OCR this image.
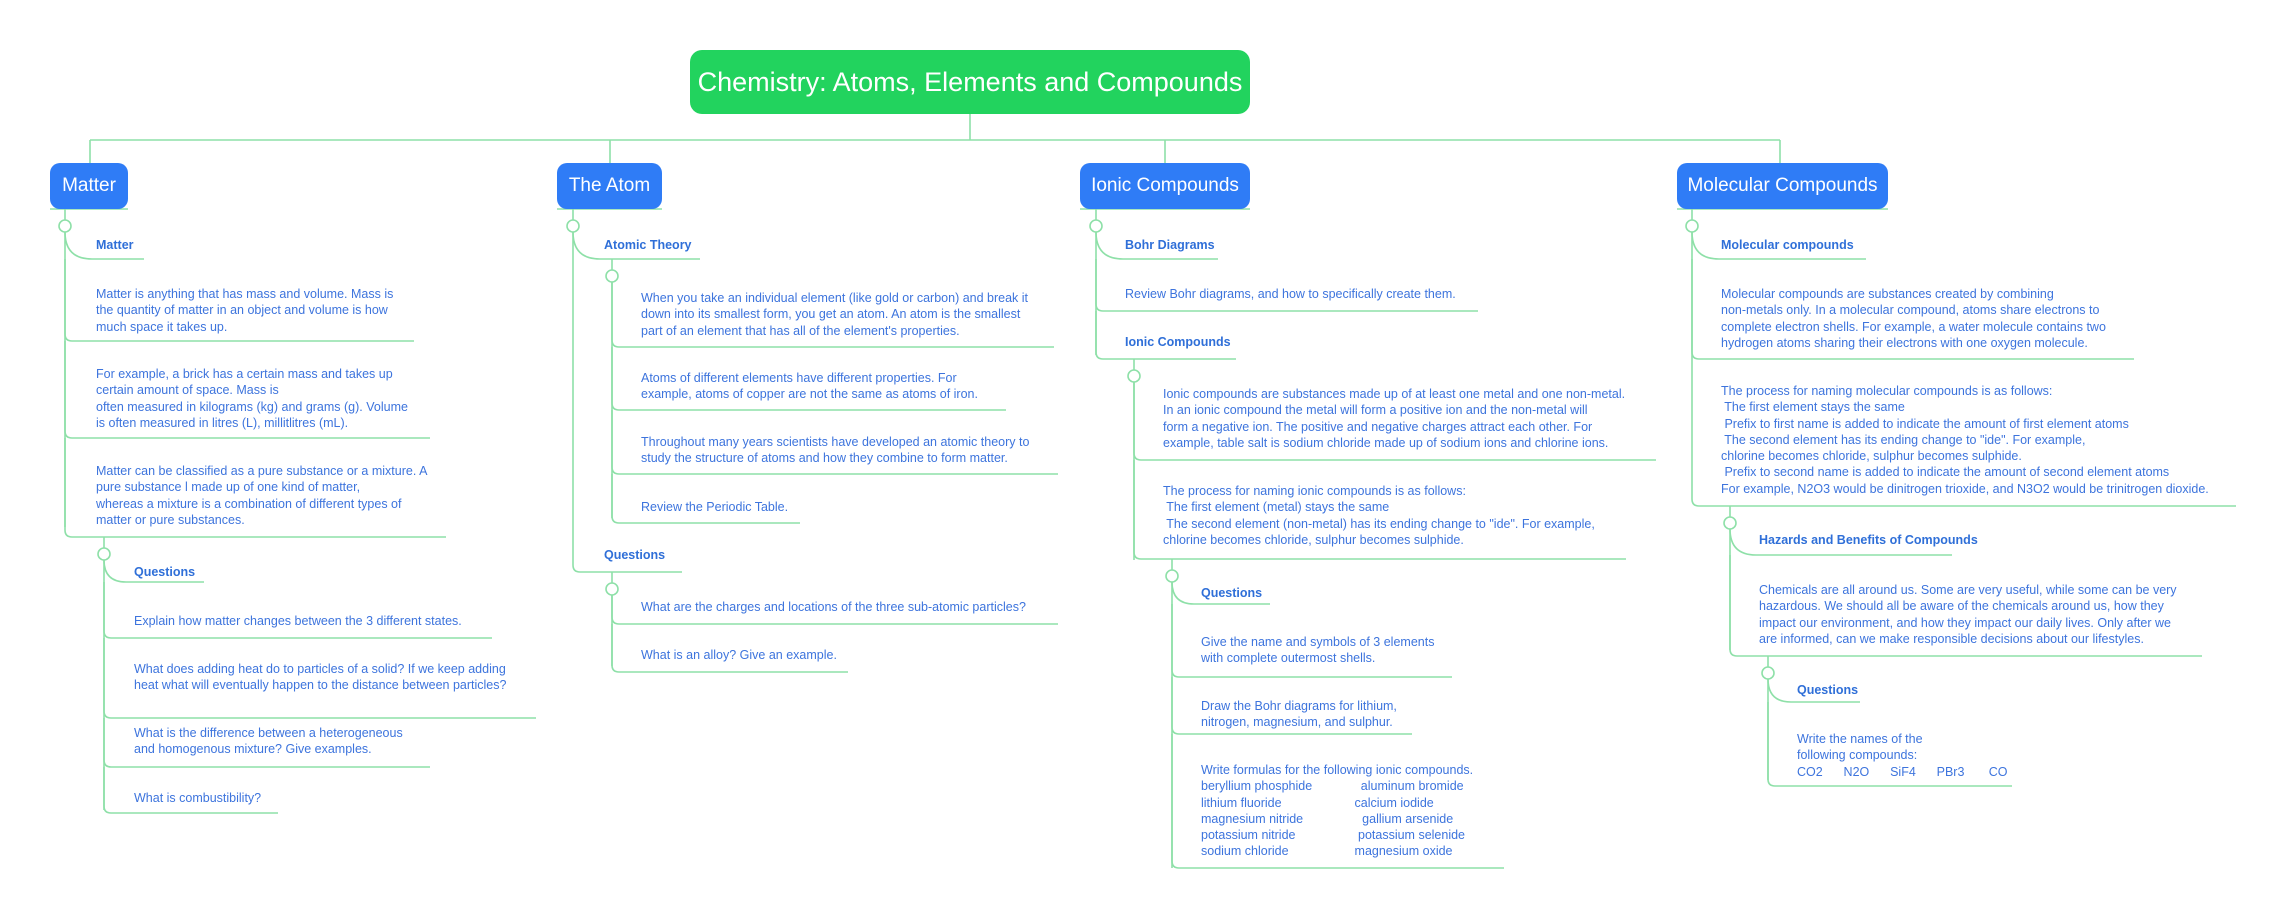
Chemistry: Atoms, Elements and Compounds
Matter	The Atom	Ionic Compounds	Molecular Compounds
Matter
Matter is anything that has mass and volume. Mass is
the quantity of matter in an object and volume is how
much space it takes up.
For example, a brick has a certain mass and takes up
certain amount of space. Mass is
often measured in kilograms (kg) and grams (g). Volume
is often measured in litres (L), millitlitres (mL).
Matter can be classified as a pure substance or a mixture. A
pure substance l made up of one kind of matter,
whereas a mixture is a combination of different types of
matter or pure substances.
Questions
Explain how matter changes between the 3 different states.
What does adding heat do to particles of a solid? If we keep adding
heat what will eventually happen to the distance between particles?
What is the difference between a heterogeneous
and homogenous mixture? Give examples.
What is combustibility?
Atomic Theory
When you take an individual element (like gold or carbon) and break it
down into its smallest form, you get an atom. An atom is the smallest
part of an element that has all of the element's properties.
Atoms of different elements have different properties. For
example, atoms of copper are not the same as atoms of iron.
Throughout many years scientists have developed an atomic theory to
study the structure of atoms and how they combine to form matter.
Review the Periodic Table.
Questions
What are the charges and locations of the three sub-atomic particles?
What is an alloy? Give an example.
Bohr Diagrams
Review Bohr diagrams, and how to specifically create them.
Ionic Compounds
Ionic compounds are substances made up of at least one metal and one non-metal.
In an ionic compound the metal will form a positive ion and the non-metal will
form a negative ion. The positive and negative charges attract each other. For
example, table salt is sodium chloride made up of sodium ions and chlorine ions.
The process for naming ionic compounds is as follows:
The first element (metal) stays the same
The second element (non-metal) has its ending change to "ide". For example,
chlorine becomes chloride, sulphur becomes sulphide.
Questions
Give the name and symbols of 3 elements
with complete outermost shells.
Draw the Bohr diagrams for lithium,
nitrogen, magnesium, and sulphur.
Write formulas for the following ionic compounds.
beryllium phosphide              aluminum bromide
lithium fluoride                     calcium iodide
magnesium nitride                 gallium arsenide
potassium nitride                  potassium selenide
sodium chloride                   magnesium oxide
Molecular compounds
Molecular compounds are substances created by combining
non-metals only. In a molecular compound, atoms share electrons to
complete electron shells. For example, a water molecule contains two
hydrogen atoms sharing their electrons with one oxygen molecule.
The process for naming molecular compounds is as follows:
The first element stays the same
Prefix to first name is added to indicate the amount of first element atoms
The second element has its ending change to "ide". For example,
chlorine becomes chloride, sulphur becomes sulphide.
Prefix to second name is added to indicate the amount of second element atoms
For example, N2O3 would be dinitrogen trioxide, and N3O2 would be trinitrogen dioxide.
Hazards and Benefits of Compounds
Chemicals are all around us. Some are very useful, while some can be very
hazardous. We should all be aware of the chemicals around us, how they
impact our environment, and how they impact our daily lives. Only after we
are informed, can we make responsible decisions about our lifestyles.
Questions
Write the names of the
following compounds:
CO2      N2O      SiF4      PBr3       CO
